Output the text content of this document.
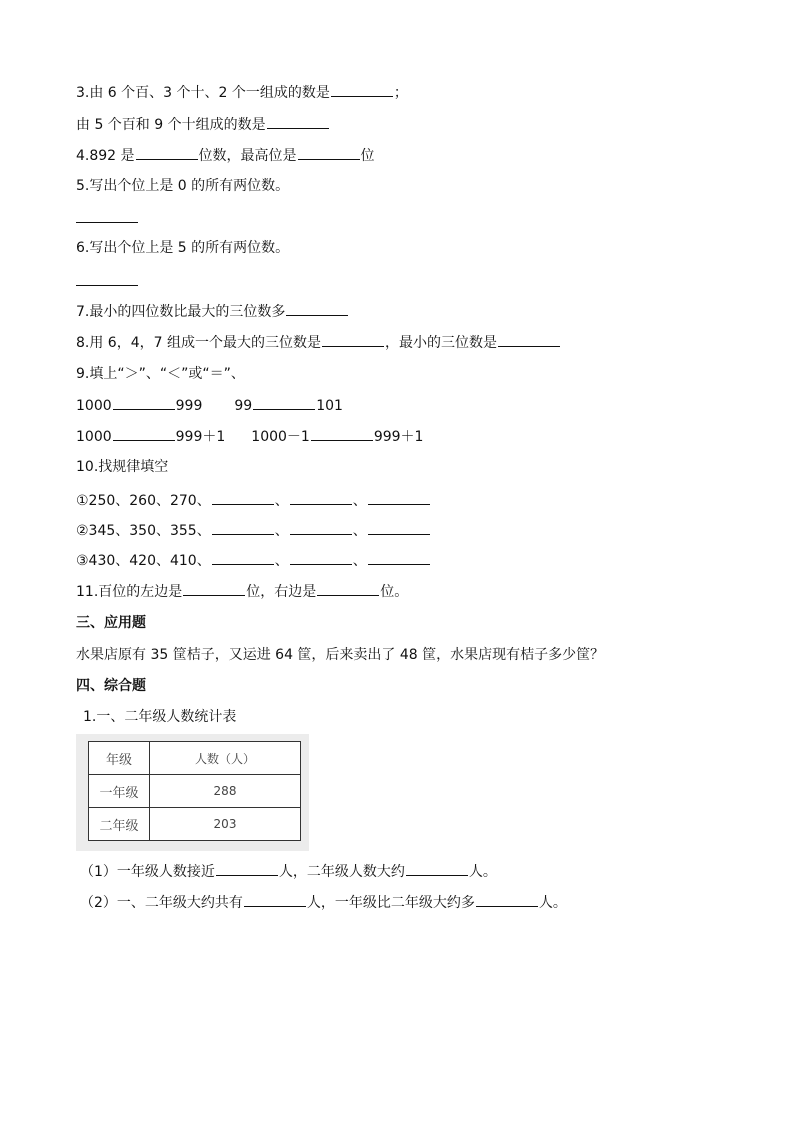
3.由 6 个百、3 个十、2 个一组成的数是	；
由 5 个百和 9 个十组成的数是
4.892 是	位数，最高位是	位
5.写出个位上是 0 的所有两位数。
6.写出个位上是 5 的所有两位数。
7.最小的四位数比最大的三位数多
8.用 6，4，7 组成一个最大的三位数是	，最小的三位数是
9.填上“＞”、“＜”或“＝”、
1000	999 99	101
1000	999＋1 1000－1	999＋1
10.找规律填空
①250、260、270、	、	、
②345、350、355、	、	、
③430、420、410、	、	、
11.百位的左边是	位，右边是	位。
三、应用题
水果店原有 35 筐桔子，又运进 64 筐，后来卖出了 48 筐，水果店现有桔子多少筐？
四、综合题
1.一、二年级人数统计表
年级	人数（人）
一年级	288
二年级	203
（1）一年级人数接近	人，二年级人数大约	人。
（2）一、二年级大约共有	人，一年级比二年级大约多	人。
